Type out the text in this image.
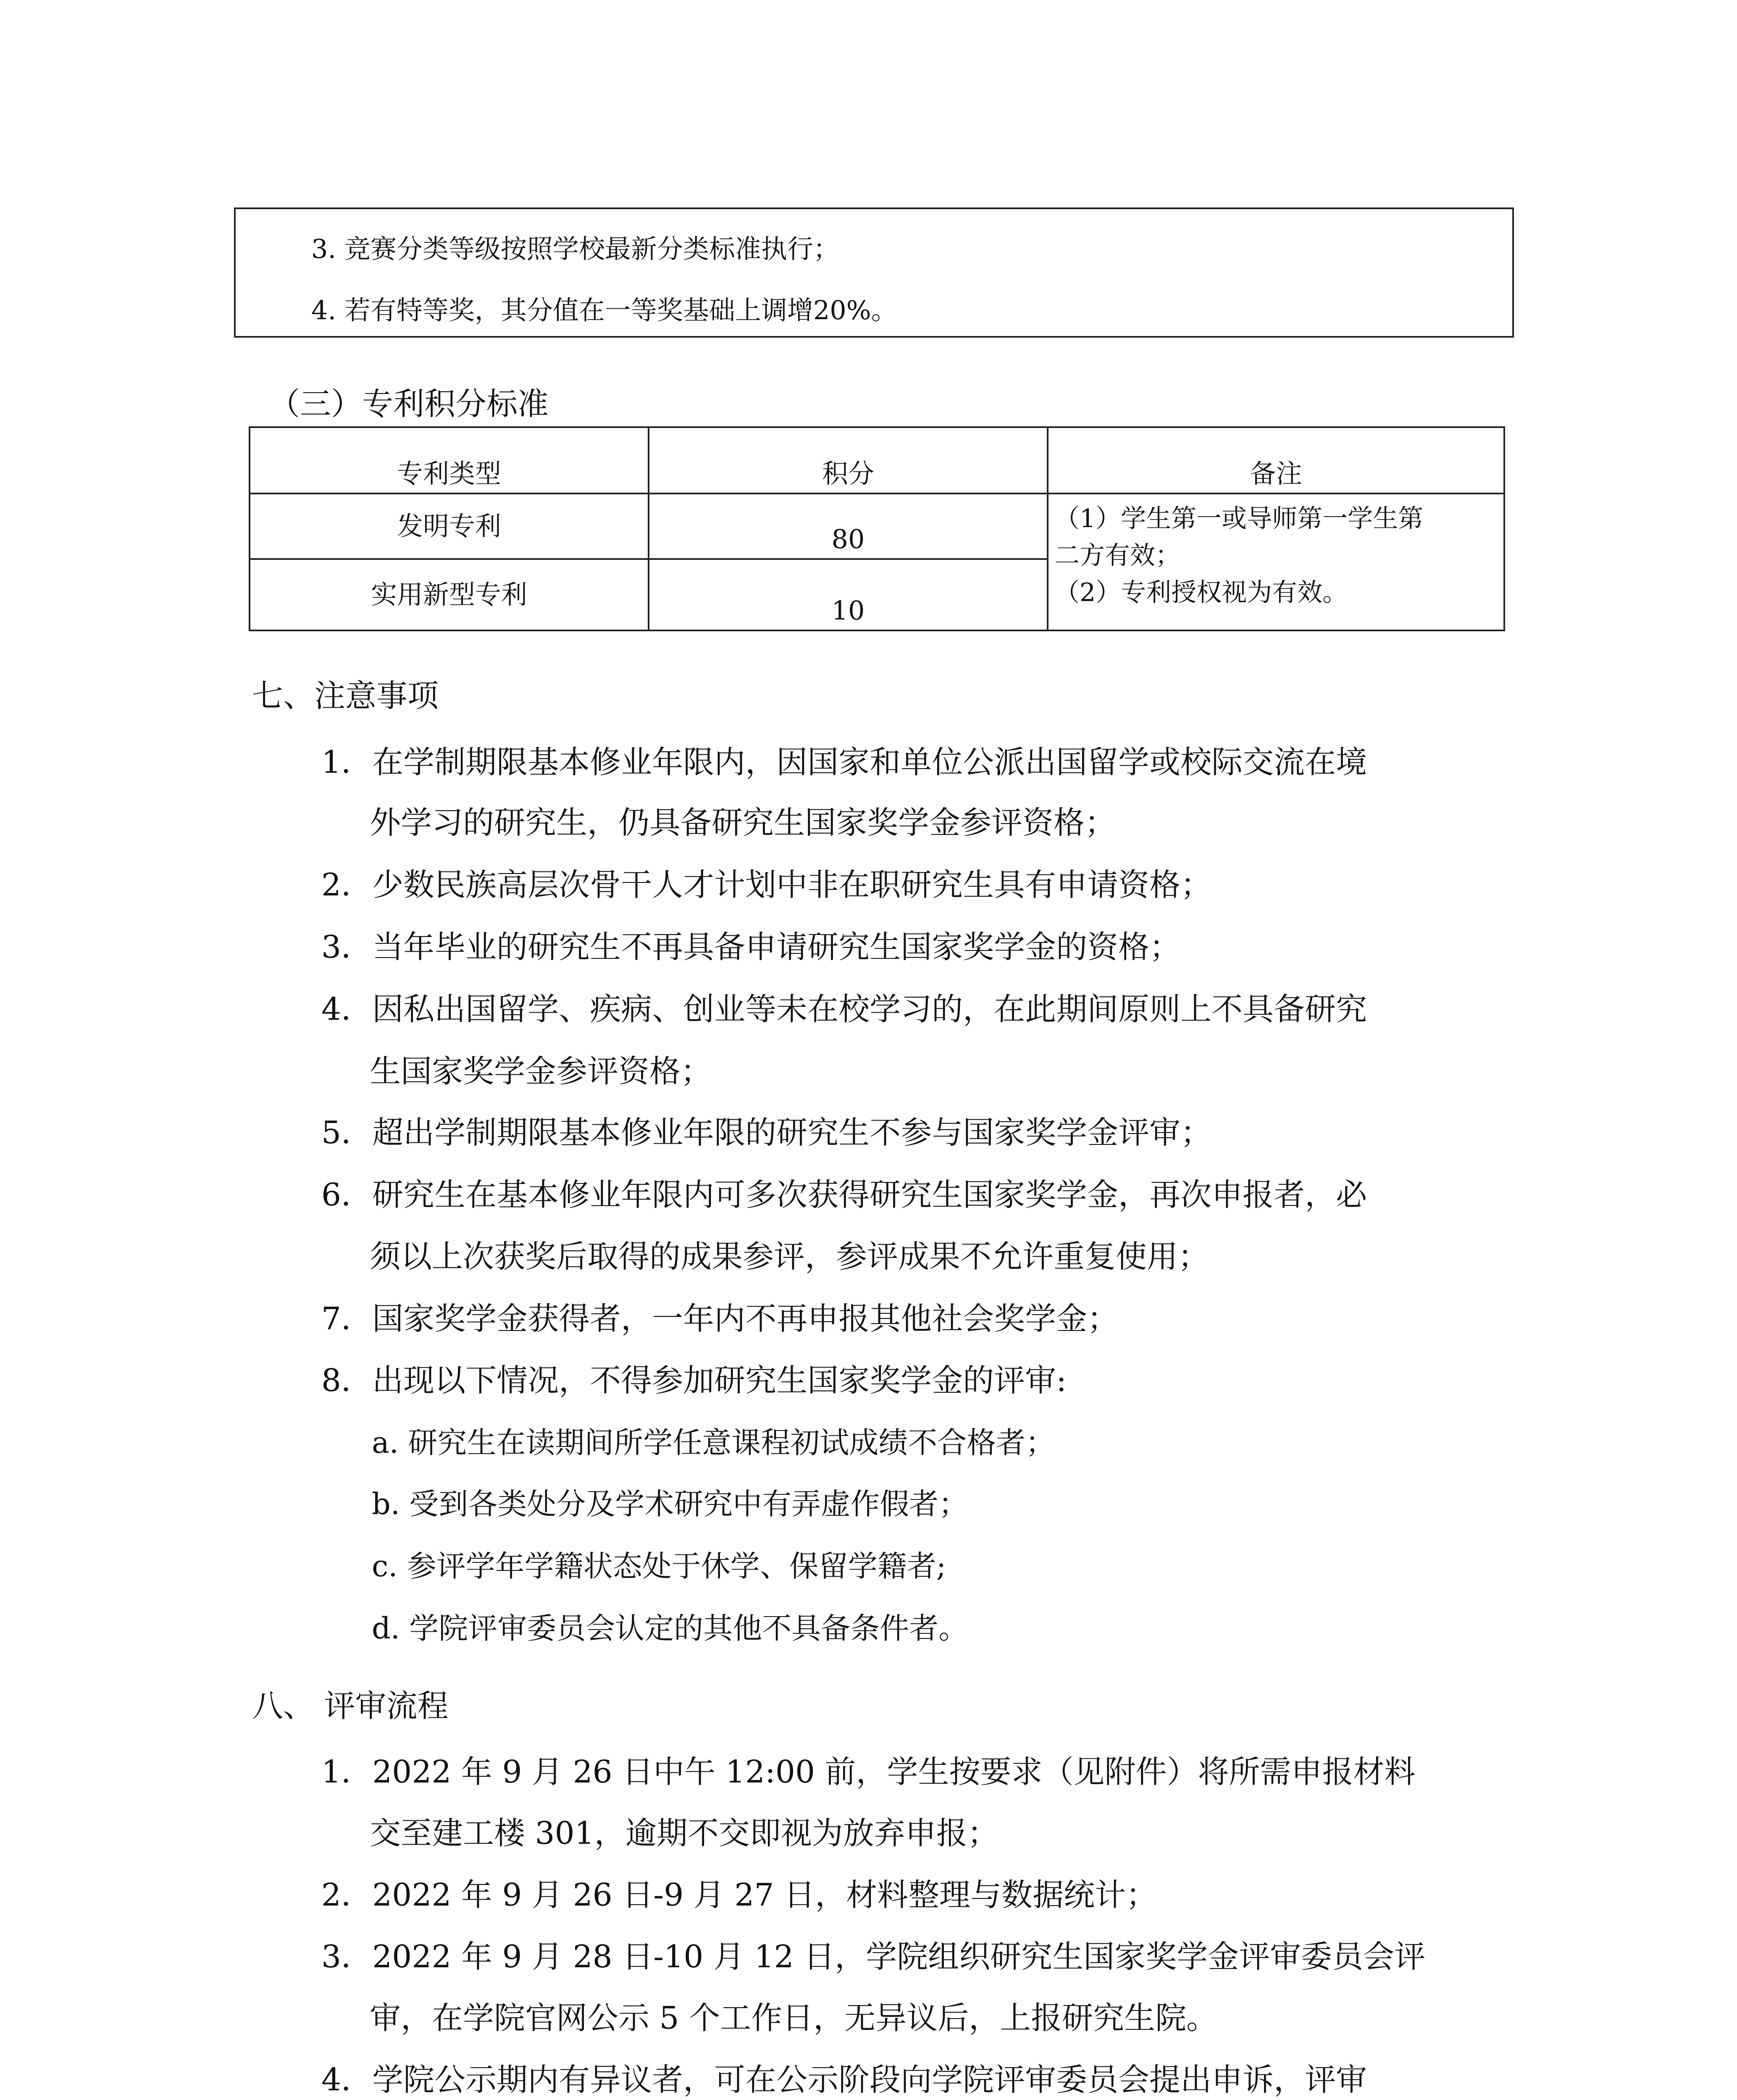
3. 竞赛分类等级按照学校最新分类标准执行；
4. 若有特等奖，其分值在一等奖基础上调增20%。
（三）专利积分标准
专利类型	积分	备注
发明专利	80	（1）学生第一或导师第一学生第
二方有效；
（2）专利授权视为有效。

实用新型专利	10	
七、注意事项
1．在学制期限基本修业年限内，因国家和单位公派出国留学或校际交流在境
外学习的研究生，仍具备研究生国家奖学金参评资格；
2．少数民族高层次骨干人才计划中非在职研究生具有申请资格；
3．当年毕业的研究生不再具备申请研究生国家奖学金的资格；
4．因私出国留学、疾病、创业等未在校学习的，在此期间原则上不具备研究
生国家奖学金参评资格；
5．超出学制期限基本修业年限的研究生不参与国家奖学金评审；
6．研究生在基本修业年限内可多次获得研究生国家奖学金，再次申报者，必
须以上次获奖后取得的成果参评，参评成果不允许重复使用；
7．国家奖学金获得者，一年内不再申报其他社会奖学金；
8．出现以下情况，不得参加研究生国家奖学金的评审:
a. 研究生在读期间所学任意课程初试成绩不合格者；
b. 受到各类处分及学术研究中有弄虚作假者；
c. 参评学年学籍状态处于休学、保留学籍者;
d. 学院评审委员会认定的其他不具备条件者。
八、 评审流程
1．2022 年 9 月 26 日中午 12:00 前，学生按要求（见附件）将所需申报材料
交至建工楼 301，逾期不交即视为放弃申报；
2．2022 年 9 月 26 日-9 月 27 日，材料整理与数据统计；
3．2022 年 9 月 28 日-10 月 12 日，学院组织研究生国家奖学金评审委员会评
审，在学院官网公示 5 个工作日，无异议后，上报研究生院。
4．学院公示期内有异议者，可在公示阶段向学院评审委员会提出申诉，评审
